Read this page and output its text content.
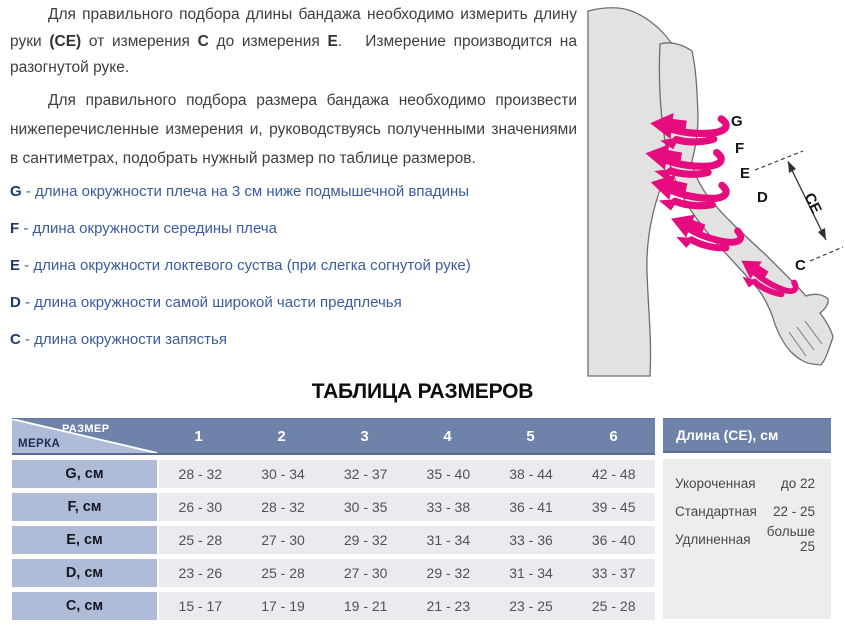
Для правильного подбора длины бандажа необходимо измерить длину руки (CE) от измерения C до измерения E.   Измерение производится на разогнутой руке.

Для правильного подбора размера бандажа необходимо произвести нижеперечисленные измерения и, руководствуясь полученными значениями в сантиметрах, подобрать нужный размер по таблице размеров.

G - длина окружности плеча на 3 см ниже подмышечной впадины
F - длина окружности середины плеча
E - длина окружности локтевого суства (при слегка согнутой руке)
D - длина окружности самой широкой части предплечья
C - длина окружности запястья
G
F
E
D
C
CE
ТАБЛИЦА РАЗМЕРОВ
РАЗМЕР
МЕРКА	1	2	3	4	5	6
G, см	28 - 32	30 - 34	32 - 37	35 - 40	38 - 44	42 - 48
F, см	26 - 30	28 - 32	30 - 35	33 - 38	36 - 41	39 - 45
E, см	25 - 28	27 - 30	29 - 32	31 - 34	33 - 36	36 - 40
D, см	23 - 26	25 - 28	27 - 30	29 - 32	31 - 34	33 - 37
C, см	15 - 17	17 - 19	19 - 21	21 - 23	23 - 25	25 - 28
Длина (CE), см
Укороченная до 22
Стандартная 22 - 25
Удлиненная	больше 25
